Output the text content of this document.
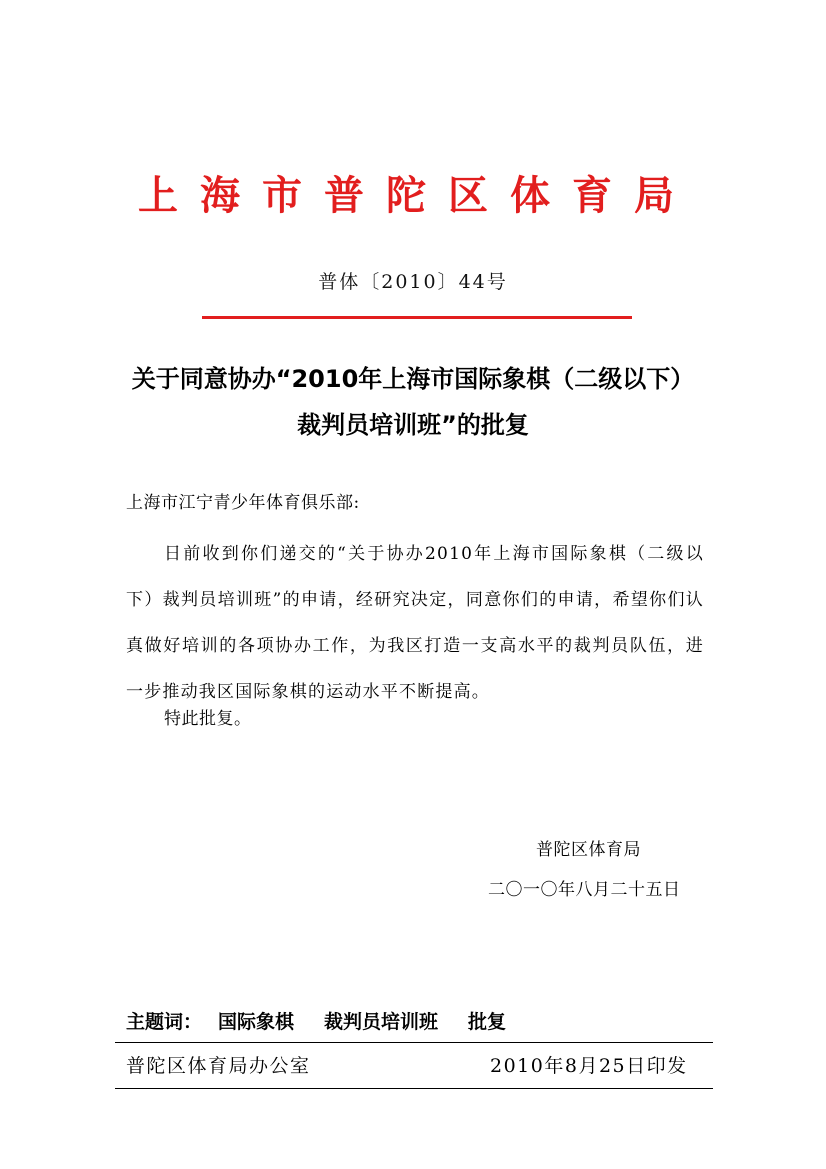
上海市普陀区体育局
普体〔2010〕44号
关于同意协办“2010年上海市国际象棋（二级以下）
裁判员培训班”的批复
上海市江宁青少年体育俱乐部:
日前收到你们递交的“关于协办2010年上海市国际象棋（二级以下）裁判员培训班”的申请，经研究决定，同意你们的申请，希望你们认真做好培训的各项协办工作，为我区打造一支高水平的裁判员队伍，进一步推动我区国际象棋的运动水平不断提高。
特此批复。
普陀区体育局
二〇一〇年八月二十五日
主题词： 国际象棋 裁判员培训班 批复
普陀区体育局办公室	2010年8月25日印发
